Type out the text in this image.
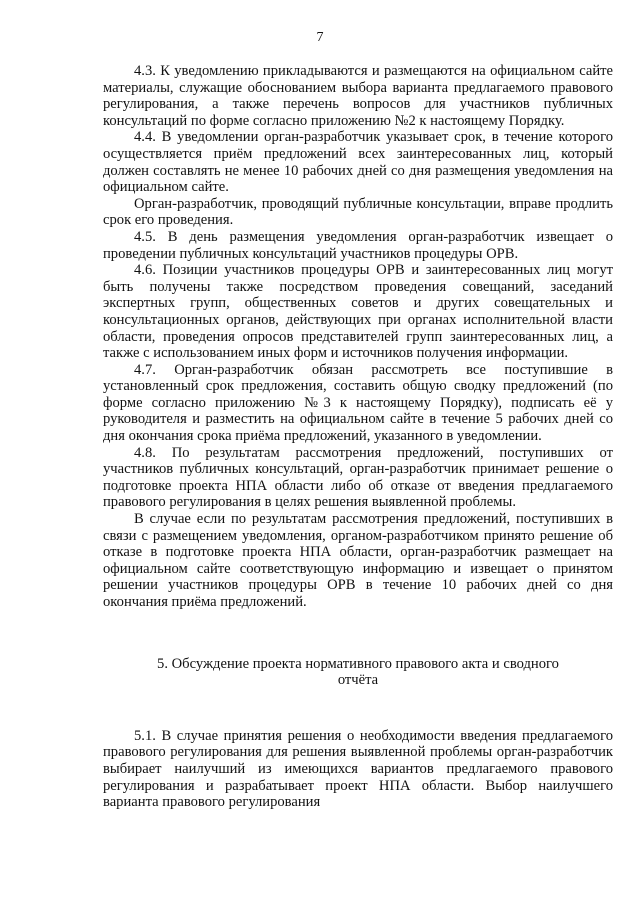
7

4.3. К уведомлению прикладываются и размещаются на официальном сайте материалы, служащие обоснованием выбора варианта предлагаемого правового регулирования, а также перечень вопросов для участников публичных консультаций по форме согласно приложению №2 к настоящему Порядку.

4.4. В уведомлении орган-разработчик указывает срок, в течение которого осуществляется приём предложений всех заинтересованных лиц, который должен составлять не менее 10 рабочих дней со дня размещения уведомления на официальном сайте.

Орган-разработчик, проводящий публичные консультации, вправе продлить срок его проведения.

4.5. В день размещения уведомления орган-разработчик извещает о проведении публичных консультаций участников процедуры ОРВ.

4.6. Позиции участников процедуры ОРВ и заинтересованных лиц могут быть получены также посредством проведения совещаний, заседаний экспертных групп, общественных советов и других совещательных и консультационных органов, действующих при органах исполнительной власти области, проведения опросов представителей групп заинтересованных лиц, а также с использованием иных форм и источников получения информации.

4.7. Орган-разработчик обязан рассмотреть все поступившие в установленный срок предложения, составить общую сводку предложений (по форме согласно приложению №3 к настоящему Порядку), подписать её у руководителя и разместить на официальном сайте в течение 5 рабочих дней со дня окончания срока приёма предложений, указанного в уведомлении.

4.8. По результатам рассмотрения предложений, поступивших от участников публичных консультаций, орган-разработчик принимает решение о подготовке проекта НПА области либо об отказе от введения предлагаемого правового регулирования в целях решения выявленной проблемы.

В случае если по результатам рассмотрения предложений, поступивших в связи с размещением уведомления, органом-разработчиком принято решение об отказе в подготовке проекта НПА области, орган-разработчик размещает на официальном сайте соответствующую информацию и извещает о принятом решении участников процедуры ОРВ в течение 10 рабочих дней со дня окончания приёма предложений.

5. Обсуждение проекта нормативного правового акта и сводного отчёта

5.1. В случае принятия решения о необходимости введения предлагаемого правового регулирования для решения выявленной проблемы орган-разработчик выбирает наилучший из имеющихся вариантов предлагаемого правового регулирования и разрабатывает проект НПА области. Выбор наилучшего варианта правового регулирования
